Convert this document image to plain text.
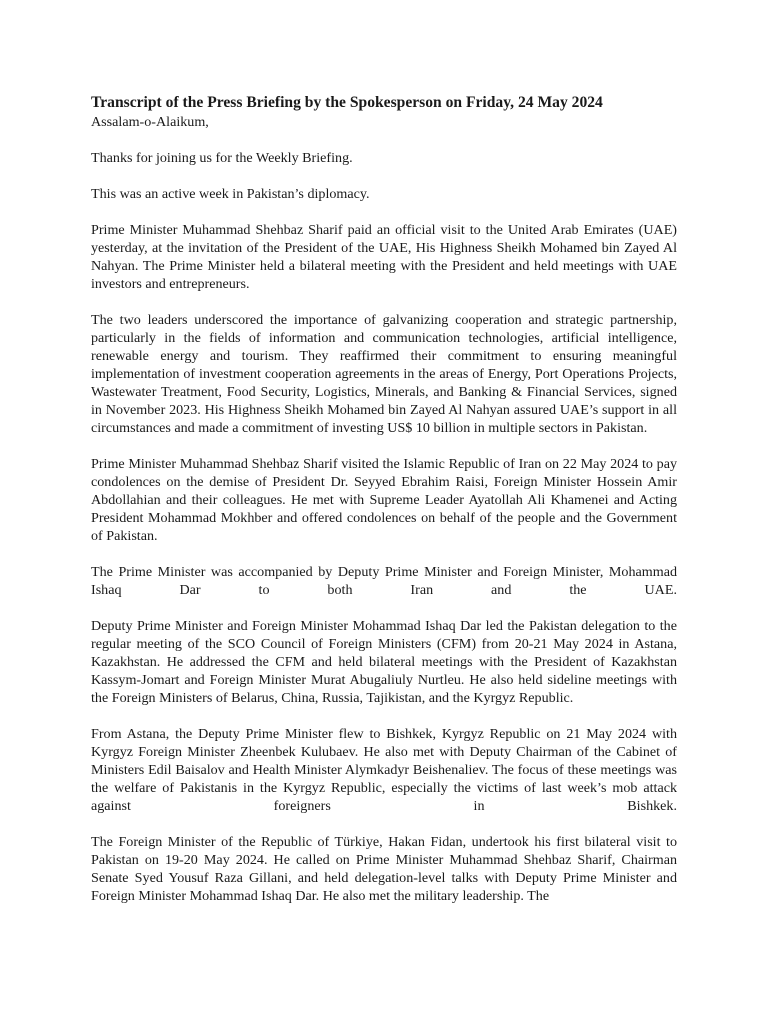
Transcript of the Press Briefing by the Spokesperson on Friday, 24 May 2024

Assalam-o-Alaikum,

Thanks for joining us for the Weekly Briefing.

This was an active week in Pakistan’s diplomacy.

Prime Minister Muhammad Shehbaz Sharif paid an official visit to the United Arab Emirates (UAE) yesterday, at the invitation of the President of the UAE, His Highness Sheikh Mohamed bin Zayed Al Nahyan. The Prime Minister held a bilateral meeting with the President and held meetings with UAE investors and entrepreneurs.

The two leaders underscored the importance of galvanizing cooperation and strategic partnership, particularly in the fields of information and communication technologies, artificial intelligence, renewable energy and tourism. They reaffirmed their commitment to ensuring meaningful implementation of investment cooperation agreements in the areas of Energy, Port Operations Projects, Wastewater Treatment, Food Security, Logistics, Minerals, and Banking & Financial Services, signed in November 2023. His Highness Sheikh Mohamed bin Zayed Al Nahyan assured UAE’s support in all circumstances and made a commitment of investing US$ 10 billion in multiple sectors in Pakistan.

Prime Minister Muhammad Shehbaz Sharif visited the Islamic Republic of Iran on 22 May 2024 to pay condolences on the demise of President Dr. Seyyed Ebrahim Raisi, Foreign Minister Hossein Amir Abdollahian and their colleagues. He met with Supreme Leader Ayatollah Ali Khamenei and Acting President Mohammad Mokhber and offered condolences on behalf of the people and the Government of Pakistan.

The Prime Minister was accompanied by Deputy Prime Minister and Foreign Minister, Mohammad Ishaq Dar to both Iran and the UAE.

Deputy Prime Minister and Foreign Minister Mohammad Ishaq Dar led the Pakistan delegation to the regular meeting of the SCO Council of Foreign Ministers (CFM) from 20-21 May 2024 in Astana, Kazakhstan. He addressed the CFM and held bilateral meetings with the President of Kazakhstan Kassym-Jomart and Foreign Minister Murat Abugaliuly Nurtleu. He also held sideline meetings with the Foreign Ministers of Belarus, China, Russia, Tajikistan, and the Kyrgyz Republic.

From Astana, the Deputy Prime Minister flew to Bishkek, Kyrgyz Republic on 21 May 2024 with Kyrgyz Foreign Minister Zheenbek Kulubaev. He also met with Deputy Chairman of the Cabinet of Ministers Edil Baisalov and Health Minister Alymkadyr Beishenaliev. The focus of these meetings was the welfare of Pakistanis in the Kyrgyz Republic, especially the victims of last week’s mob attack against foreigners in Bishkek.

The Foreign Minister of the Republic of Türkiye, Hakan Fidan, undertook his first bilateral visit to Pakistan on 19-20 May 2024. He called on Prime Minister Muhammad Shehbaz Sharif, Chairman Senate Syed Yousuf Raza Gillani, and held delegation-level talks with Deputy Prime Minister and Foreign Minister Mohammad Ishaq Dar. He also met the military leadership. The
